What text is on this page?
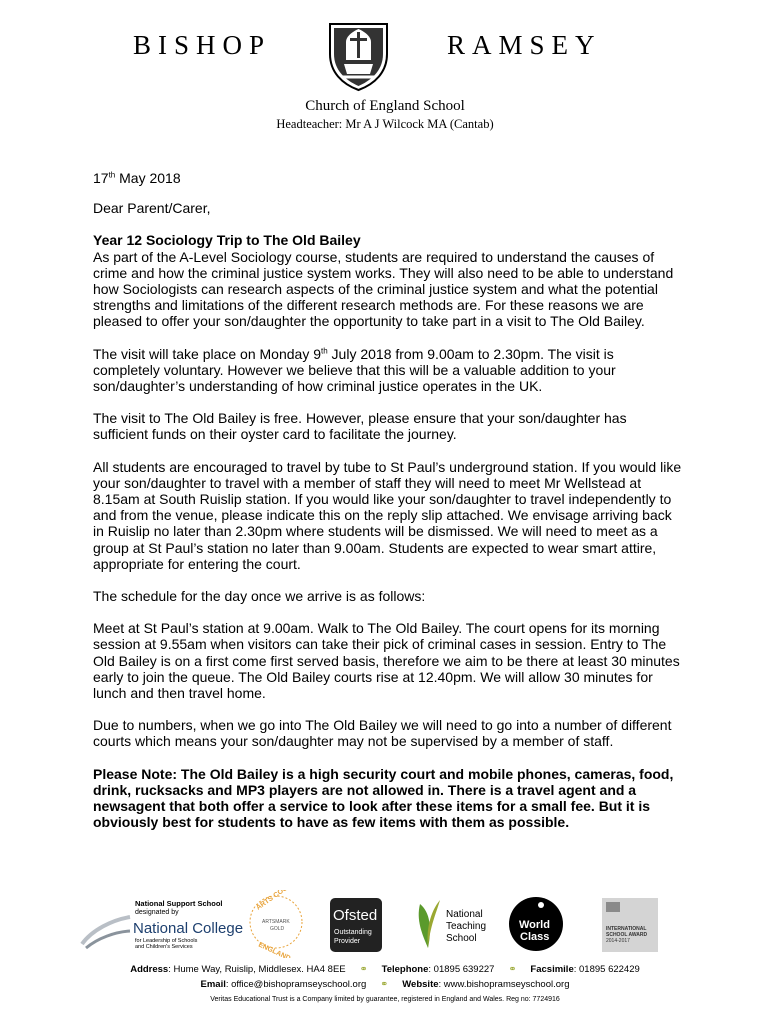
BISHOP	RAMSEY
Church of England School
Headteacher: Mr A J Wilcock MA (Cantab)

17th May 2018

Dear Parent/Carer,

Year 12 Sociology Trip to The Old Bailey

As part of the A-Level Sociology course, students are required to understand the causes of crime and how the criminal justice system works. They will also need to be able to understand how Sociologists can research aspects of the criminal justice system and what the potential strengths and limitations of the different research methods are. For these reasons we are pleased to offer your son/daughter the opportunity to take part in a visit to The Old Bailey.

The visit will take place on Monday 9th July 2018 from 9.00am to 2.30pm. The visit is completely voluntary. However we believe that this will be a valuable addition to your son/daughter’s understanding of how criminal justice operates in the UK.

The visit to The Old Bailey is free. However, please ensure that your son/daughter has sufficient funds on their oyster card to facilitate the journey.

All students are encouraged to travel by tube to St Paul’s underground station. If you would like your son/daughter to travel with a member of staff they will need to meet Mr Wellstead at 8.15am at South Ruislip station. If you would like your son/daughter to travel independently to and from the venue, please indicate this on the reply slip attached. We envisage arriving back in Ruislip no later than 2.30pm where students will be dismissed. We will need to meet as a group at St Paul’s station no later than 9.00am. Students are expected to wear smart attire, appropriate for entering the court.

The schedule for the day once we arrive is as follows:

Meet at St Paul’s station at 9.00am. Walk to The Old Bailey. The court opens for its morning session at 9.55am when visitors can take their pick of criminal cases in session. Entry to The Old Bailey is on a first come first served basis, therefore we aim to be there at least 30 minutes early to join the queue. The Old Bailey courts rise at 12.40pm. We will allow 30 minutes for lunch and then travel home.

Due to numbers, when we go into The Old Bailey we will need to go into a number of different courts which means your son/daughter may not be supervised by a member of staff.

Please Note: The Old Bailey is a high security court and mobile phones, cameras, food, drink, rucksacks and MP3 players are not allowed in. There is a travel agent and a newsagent that both offer a service to look after these items for a small fee. But it is obviously best for students to have as few items with them as possible.

National Support School
designated by
National College
for Leadership of Schools
and Children's Services
ARTS COUNCIL
ARTSMARK
GOLD
ENGLAND
Ofsted
Outstanding
Provider
National
Teaching
School
World
Class
INTERNATIONAL
SCHOOL AWARD
2014-2017
Address: Hume Way, Ruislip, Middlesex. HA4 8EE ⚭ Telephone: 01895 639227 ⚭ Facsimile: 01895 622429
Email: office@bishopramseyschool.org ⚭ Website: www.bishopramseyschool.org
Veritas Educational Trust is a Company limited by guarantee, registered in England and Wales. Reg no: 7724916
